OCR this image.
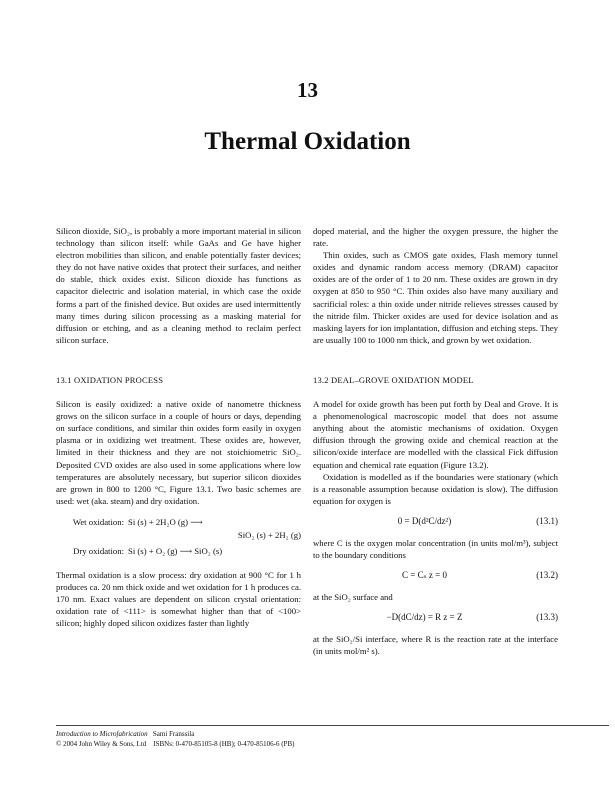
13
Thermal Oxidation

Silicon dioxide, SiO₂, is probably a more important material in silicon technology than silicon itself: while GaAs and Ge have higher electron mobilities than silicon, and enable potentially faster devices; they do not have native oxides that protect their surfaces, and neither do stable, thick oxides exist. Silicon dioxide has functions as capacitor dielectric and isolation material, in which case the oxide forms a part of the finished device. But oxides are used intermittently many times during silicon processing as a masking material for diffusion or etching, and as a cleaning method to reclaim perfect silicon surface.

13.1 OXIDATION PROCESS

Silicon is easily oxidized: a native oxide of nanometre thickness grows on the silicon surface in a couple of hours or days, depending on surface conditions, and similar thin oxides form easily in oxygen plasma or in oxidizing wet treatment. These oxides are, however, limited in their thickness and they are not stoichiometric SiO₂. Deposited CVD oxides are also used in some applications where low temperatures are absolutely necessary, but superior silicon dioxides are grown in 800 to 1200 °C, Figure 13.1. Two basic schemes are used: wet (aka. steam) and dry oxidation.

Wet oxidation: Si (s) + 2H₂O (g) ⟶
SiO₂ (s) + 2H₂ (g)
Dry oxidation: Si (s) + O₂ (g) ⟶ SiO₂ (s)

Thermal oxidation is a slow process: dry oxidation at 900 °C for 1 h produces ca. 20 nm thick oxide and wet oxidation for 1 h produces ca. 170 nm. Exact values are dependent on silicon crystal orientation: oxidation rate of <111> is somewhat higher than that of <100> silicon; highly doped silicon oxidizes faster than lightly

doped material, and the higher the oxygen pressure, the higher the rate.

Thin oxides, such as CMOS gate oxides, Flash memory tunnel oxides and dynamic random access memory (DRAM) capacitor oxides are of the order of 1 to 20 nm. These oxides are grown in dry oxygen at 850 to 950 °C. Thin oxides also have many auxiliary and sacrificial roles: a thin oxide under nitride relieves stresses caused by the nitride film. Thicker oxides are used for device isolation and as masking layers for ion implantation, diffusion and etching steps. They are usually 100 to 1000 nm thick, and grown by wet oxidation.

13.2 DEAL–GROVE OXIDATION MODEL

A model for oxide growth has been put forth by Deal and Grove. It is a phenomenological macroscopic model that does not assume anything about the atomistic mechanisms of oxidation. Oxygen diffusion through the growing oxide and chemical reaction at the silicon/oxide interface are modelled with the classical Fick diffusion equation and chemical rate equation (Figure 13.2).

Oxidation is modelled as if the boundaries were stationary (which is a reasonable assumption because oxidation is slow). The diffusion equation for oxygen is

0 = D(d²C/dz²)	(13.1)

where C is the oxygen molar concentration (in units mol/m³), subject to the boundary conditions

C = Cₛ z = 0	(13.2)

at the SiO₂ surface and

−D(dC/dz) = R z = Z	(13.3)

at the SiO₂/Si interface, where R is the reaction rate at the interface (in units mol/m² s).

Introduction to Microfabrication Sami Franssila
© 2004 John Wiley & Sons, Ltd ISBNs: 0-470-85105-8 (HB); 0-470-85106-6 (PB)
